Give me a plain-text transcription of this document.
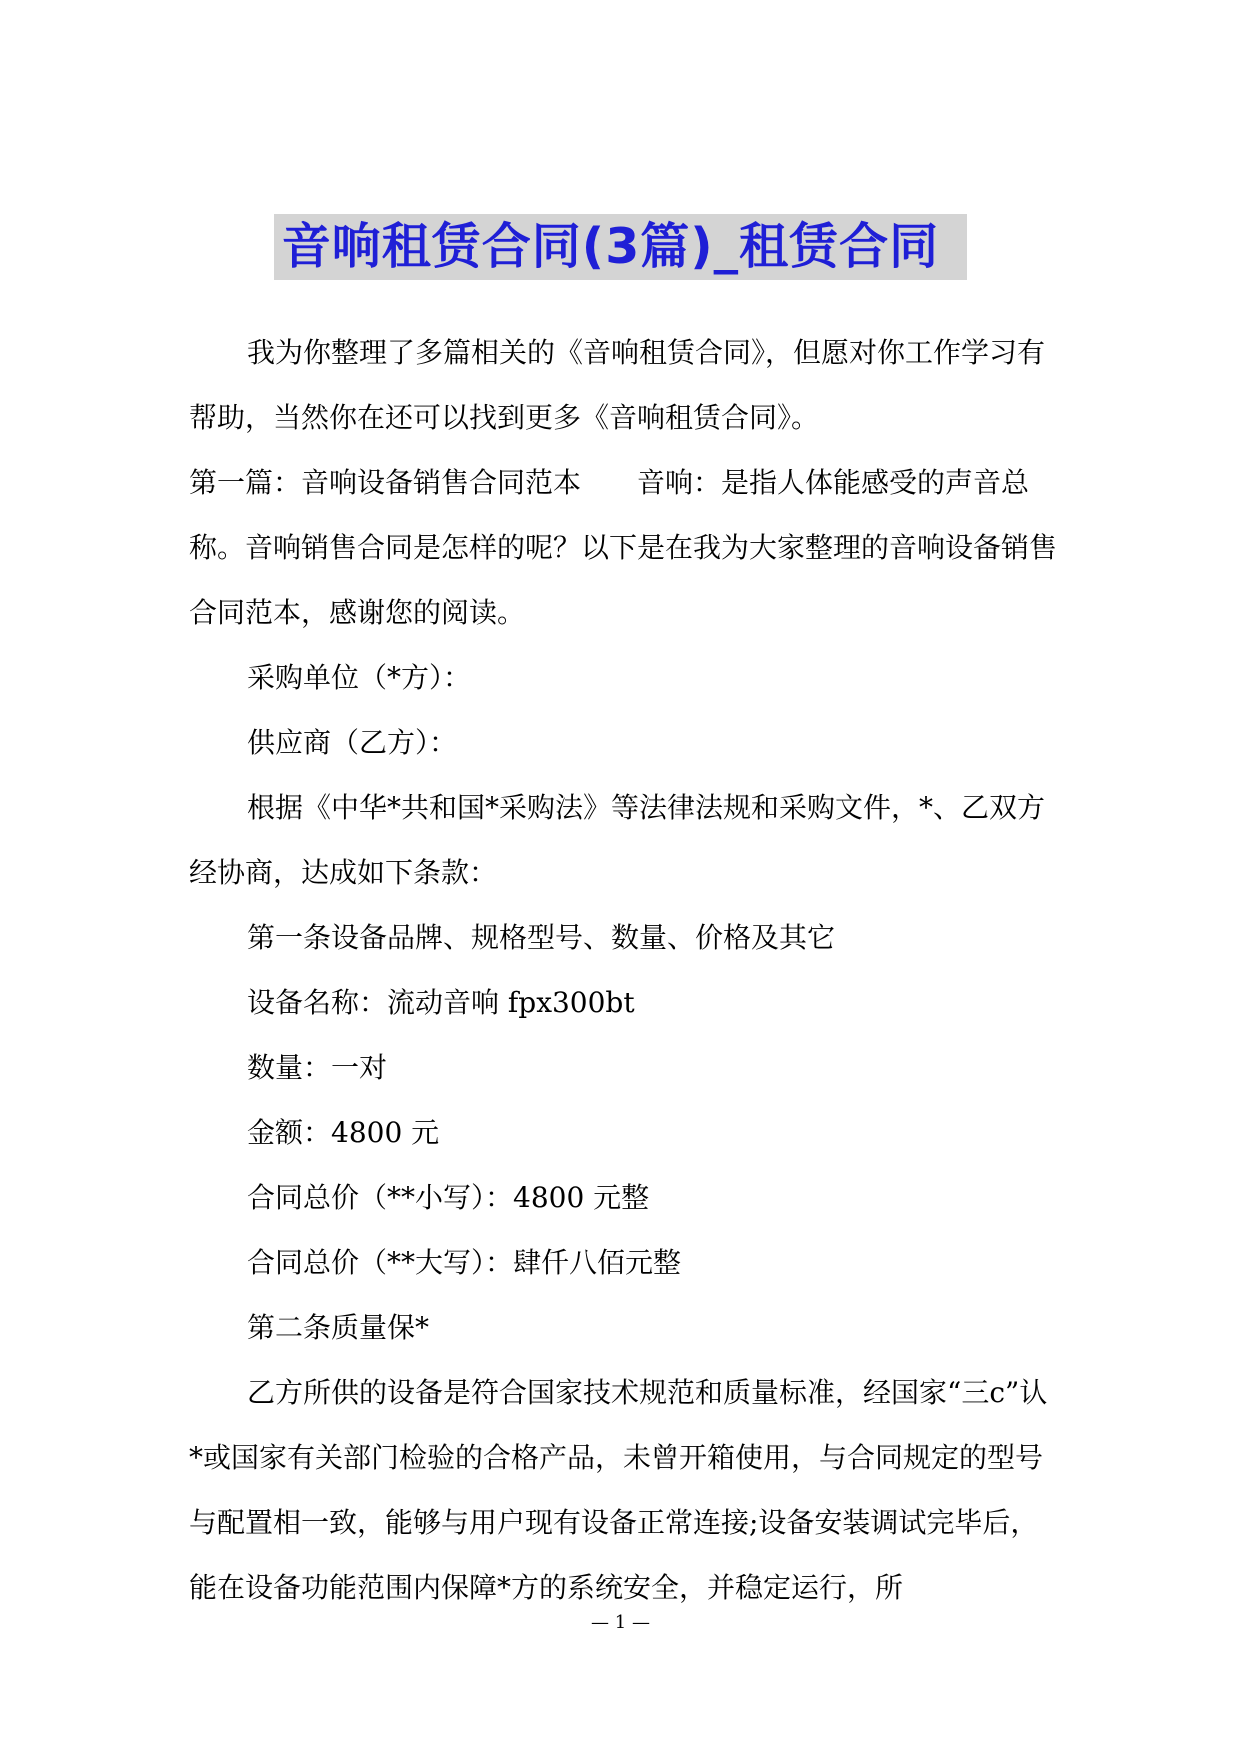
音响租赁合同(3篇)_租赁合同

我为你整理了多篇相关的《音响租赁合同》，但愿对你工作学习有帮助，当然你在还可以找到更多《音响租赁合同》。

第一篇：音响设备销售合同范本 音响：是指人体能感受的声音总称。音响销售合同是怎样的呢？以下是在我为大家整理的音响设备销售合同范本，感谢您的阅读。

采购单位（*方）：

供应商（乙方）：

根据《中华*共和国*采购法》等法律法规和采购文件，*、乙双方经协商，达成如下条款：

第一条设备品牌、规格型号、数量、价格及其它

设备名称：流动音响 fpx300bt

数量：一对

金额：4800 元

合同总价（**小写）：4800 元整

合同总价（**大写）：肆仟八佰元整

第二条质量保*

乙方所供的设备是符合国家技术规范和质量标准，经国家“三c”认*或国家有关部门检验的合格产品，未曾开箱使用，与合同规定的型号与配置相一致，能够与用户现有设备正常连接;设备安装调试完毕后，能在设备功能范围内保障*方的系统安全，并稳定运行，所

— 1 —
